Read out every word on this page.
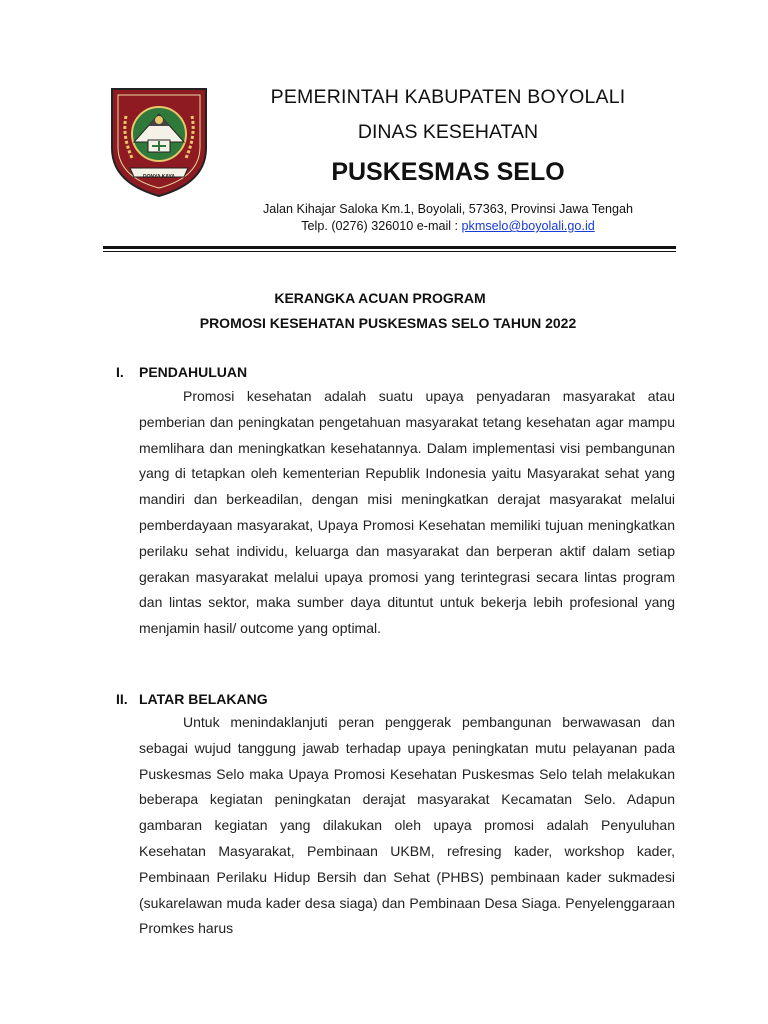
DONYA KAYA
PEMERINTAH KABUPATEN BOYOLALI
DINAS KESEHATAN
PUSKESMAS SELO
Jalan Kihajar Saloka Km.1, Boyolali, 57363, Provinsi Jawa Tengah
Telp. (0276) 326010 e-mail : pkmselo@boyolali.go.id
KERANGKA ACUAN PROGRAM
PROMOSI KESEHATAN PUSKESMAS SELO TAHUN 2022
I. PENDAHULUAN

Promosi kesehatan adalah suatu upaya penyadaran masyarakat atau pemberian dan peningkatan pengetahuan masyarakat tetang kesehatan agar mampu memlihara dan meningkatkan kesehatannya. Dalam implementasi visi pembangunan yang di tetapkan oleh kementerian Republik Indonesia yaitu Masyarakat sehat yang mandiri dan berkeadilan, dengan misi meningkatkan derajat masyarakat melalui pemberdayaan masyarakat, Upaya Promosi Kesehatan memiliki tujuan meningkatkan perilaku sehat individu, keluarga dan masyarakat dan berperan aktif dalam setiap gerakan masyarakat melalui upaya promosi yang terintegrasi secara lintas program dan lintas sektor, maka sumber daya dituntut untuk bekerja lebih profesional yang menjamin hasil/ outcome yang optimal.

II. LATAR BELAKANG

Untuk menindaklanjuti peran penggerak pembangunan berwawasan dan sebagai wujud tanggung jawab terhadap upaya peningkatan mutu pelayanan pada Puskesmas Selo maka Upaya Promosi Kesehatan Puskesmas Selo telah melakukan beberapa kegiatan peningkatan derajat masyarakat Kecamatan Selo. Adapun gambaran kegiatan yang dilakukan oleh upaya promosi adalah Penyuluhan Kesehatan Masyarakat, Pembinaan UKBM, refresing kader, workshop kader, Pembinaan Perilaku Hidup Bersih dan Sehat (PHBS) pembinaan kader sukmadesi (sukarelawan muda kader desa siaga) dan Pembinaan Desa Siaga. Penyelenggaraan Promkes harus
